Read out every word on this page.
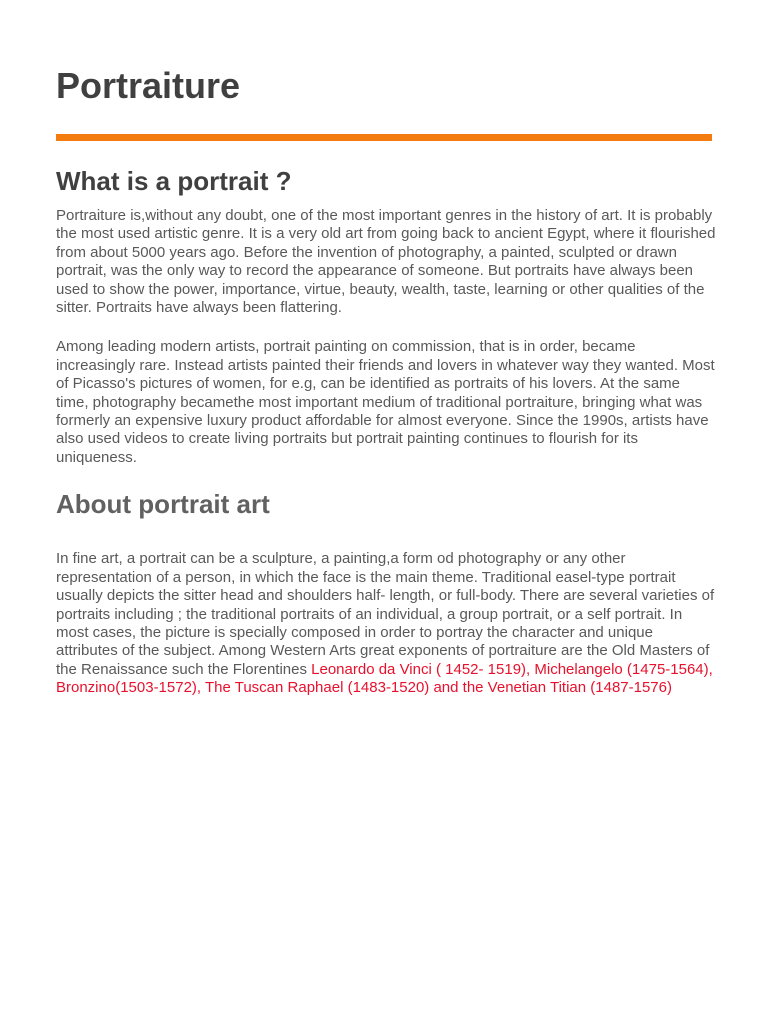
Portraiture
What is a portrait ?

Portraiture is,without any doubt, one of the most important genres in the history of art. It is probably the most used artistic genre. It is a very old art from going back to ancient Egypt, where it flourished from about 5000 years ago. Before the invention of photography, a painted, sculpted or drawn portrait, was the only way to record the appearance of someone. But portraits have always been used to show the power, importance, virtue, beauty, wealth, taste, learning or other qualities of the sitter. Portraits have always been flattering.

Among leading modern artists, portrait painting on commission, that is in order, became increasingly rare. Instead artists painted their friends and lovers in whatever way they wanted. Most of Picasso's pictures of women, for e.g, can be identified as portraits of his lovers. At the same time, photography becamethe most important medium of traditional portraiture, bringing what was formerly an expensive luxury product affordable for almost everyone. Since the 1990s, artists have also used videos to create living portraits but portrait painting continues to flourish for its uniqueness.

About portrait art

In fine art, a portrait can be a sculpture, a painting,a form od photography or any other representation of a person, in which the face is the main theme. Traditional easel-type portrait usually depicts the sitter head and shoulders half- length, or full-body. There are several varieties of portraits including ; the traditional portraits of an individual, a group portrait, or a self portrait. In most cases, the picture is specially composed in order to portray the character and unique attributes of the subject. Among Western Arts great exponents of portraiture are the Old Masters of the Renaissance such the Florentines Leonardo da Vinci ( 1452- 1519), Michelangelo (1475-1564), Bronzino(1503-1572), The Tuscan Raphael (1483-1520) and the Venetian Titian (1487-1576)
